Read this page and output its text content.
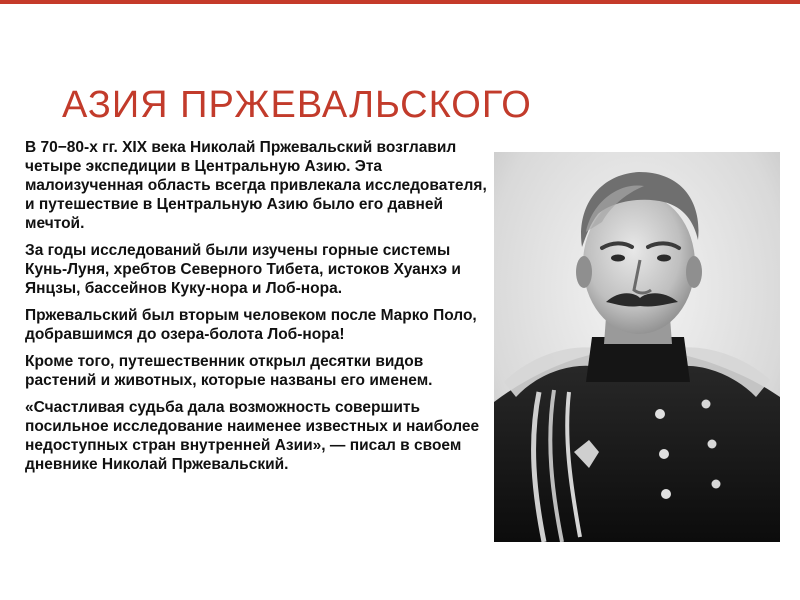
АЗИЯ ПРЖЕВАЛЬСКОГО

В 70−80-х гг. XIX века Николай Пржевальский возглавил четыре экспедиции в Центральную Азию. Эта малоизученная область всегда привлекала исследователя, и путешествие в Центральную Азию было его давней мечтой.

За годы исследований были изучены горные системы Кунь-Луня, хребтов Северного Тибета, истоков Хуанхэ и Янцзы, бассейнов Куку-нора и Лоб-нора.

Пржевальский был вторым человеком после Марко Поло, добравшимся до озера-болота Лоб-нора!

Кроме того, путешественник открыл десятки видов растений и животных, которые названы его именем.

«Счастливая судьба дала возможность совершить посильное исследование наименее известных и наиболее недоступных стран внутренней Азии», — писал в своем дневнике Николай Пржевальский.
